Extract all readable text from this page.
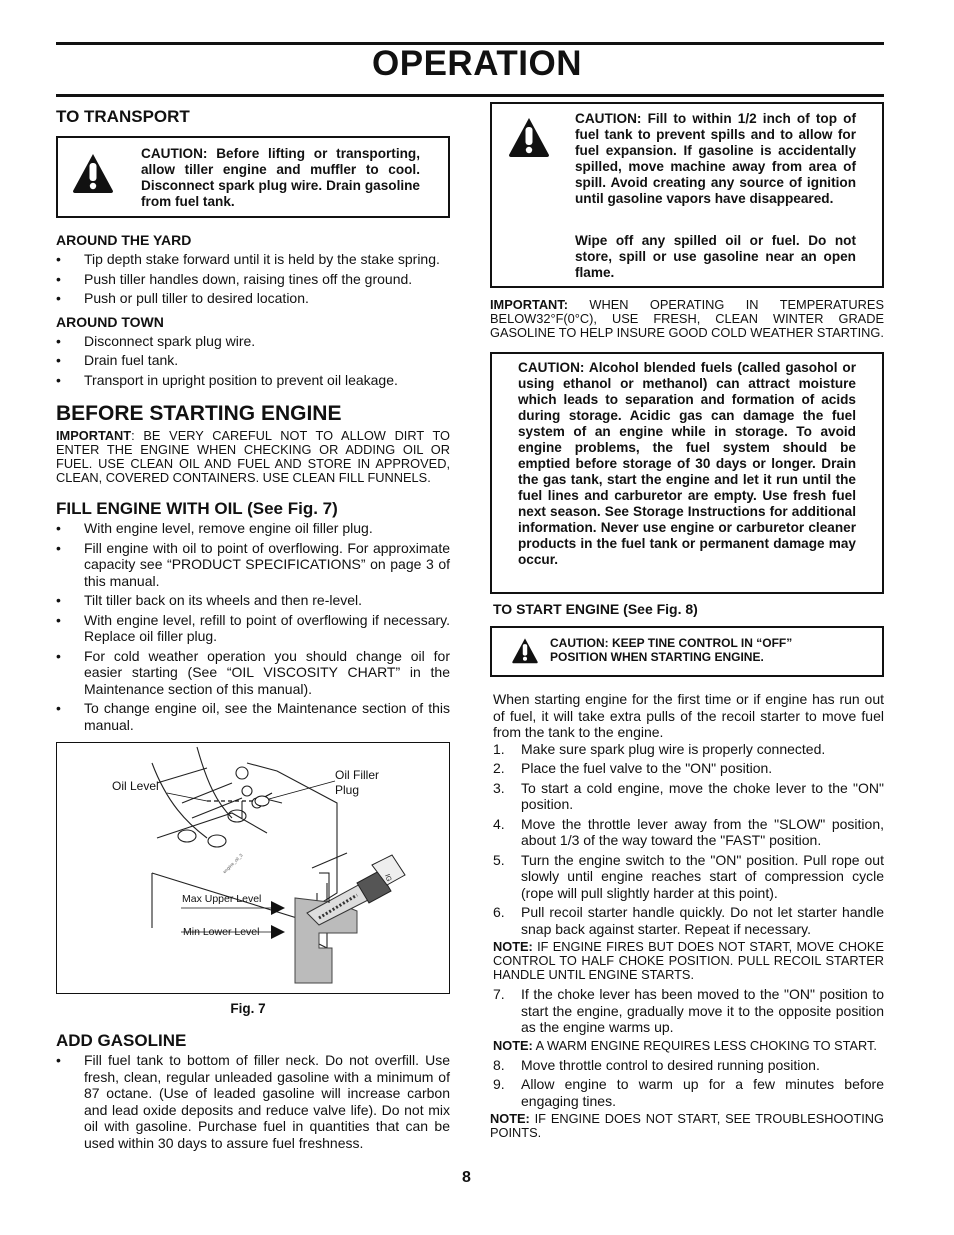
OPERATION
TO TRANSPORT
CAUTION: Before lifting or transporting, allow tiller engine and muffler to cool. Disconnect spark plug wire. Drain gasoline from fuel tank.
AROUND THE YARD
• Tip depth stake forward until it is held by the stake spring.
• Push tiller handles down, raising tines off the ground.
• Push or pull tiller to desired location.
AROUND TOWN
• Disconnect spark plug wire.
• Drain fuel tank.
• Transport in upright position to prevent oil leakage.
BEFORE STARTING ENGINE

IMPORTANT: BE VERY CAREFUL NOT TO ALLOW DIRT TO ENTER THE ENGINE WHEN CHECKING OR ADDING OIL OR FUEL. USE CLEAN OIL AND FUEL AND STORE IN APPROVED, CLEAN, COVERED CONTAINERS. USE CLEAN FILL FUNNELS.

FILL ENGINE WITH OIL (See Fig. 7)
• With engine level, remove engine oil filler plug.
• Fill engine with oil to point of overflowing. For approximate capacity see “PRODUCT SPECIFICATIONS” on page 3 of this manual.
• Tilt tiller back on its wheels and then re-level.
• With engine level, refill to point of overflowing if necessary. Replace oil filler plug.
• For cold weather operation you should change oil for easier starting (See “OIL VISCOSITY CHART” in the Maintenance section of this manual).
• To change engine oil, see the Maintenance section of this manual.
IG
Oil Level
Oil Filler
Plug
Max Upper Level
Min Lower Level
engine_oil_3
Fig. 7
ADD GASOLINE
• Fill fuel tank to bottom of filler neck. Do not overfill. Use fresh, clean, regular unleaded gasoline with a minimum of 87 octane. (Use of leaded gasoline will increase carbon and lead oxide deposits and reduce valve life). Do not mix oil with gasoline. Purchase fuel in quantities that can be used within 30 days to assure fuel freshness.
CAUTION: Fill to within 1/2 inch of top of fuel tank to prevent spills and to allow for fuel expansion. If gasoline is accidentally spilled, move machine away from area of spill. Avoid creating any source of ignition until gasoline vapors have disappeared.
Wipe off any spilled oil or fuel. Do not store, spill or use gasoline near an open flame.

IMPORTANT: WHEN OPERATING IN TEMPERATURES BELOW32°F(0°C), USE FRESH, CLEAN WINTER GRADE GASOLINE TO HELP INSURE GOOD COLD WEATHER STARTING.

CAUTION: Alcohol blended fuels (called gasohol or using ethanol or methanol) can attract moisture which leads to separation and formation of acids during storage. Acidic gas can damage the fuel system of an engine while in storage. To avoid engine problems, the fuel system should be emptied before storage of 30 days or longer. Drain the gas tank, start the engine and let it run until the fuel lines and carburetor are empty. Use fresh fuel next season. See Storage Instructions for additional information. Never use engine or carburetor cleaner products in the fuel tank or permanent damage may occur.
TO START ENGINE (See Fig. 8)
CAUTION: KEEP TINE CONTROL IN “OFF” POSITION WHEN STARTING ENGINE.

When starting engine for the first time or if engine has run out of fuel, it will take extra pulls of the recoil starter to move fuel from the tank to the engine.

1. Make sure spark plug wire is properly connected.
2. Place the fuel valve to the "ON" position.
3. To start a cold engine, move the choke lever to the "ON" position.
4. Move the throttle lever away from the "SLOW" position, about 1/3 of the way toward the "FAST" position.
5. Turn the engine switch to the "ON" position. Pull rope out slowly until engine reaches start of compression cycle (rope will pull slightly harder at this point).
6. Pull recoil starter handle quickly. Do not let starter handle snap back against starter. Repeat if necessary.

NOTE: IF ENGINE FIRES BUT DOES NOT START, MOVE CHOKE CONTROL TO HALF CHOKE POSITION. PULL RECOIL STARTER HANDLE UNTIL ENGINE STARTS.

7. If the choke lever has been moved to the "ON" position to start the engine, gradually move it to the opposite position as the engine warms up.

NOTE: A WARM ENGINE REQUIRES LESS CHOKING TO START.

8. Move throttle control to desired running position.
9. Allow engine to warm up for a few minutes before engaging tines.

NOTE: IF ENGINE DOES NOT START, SEE TROUBLESHOOTING POINTS.

8
